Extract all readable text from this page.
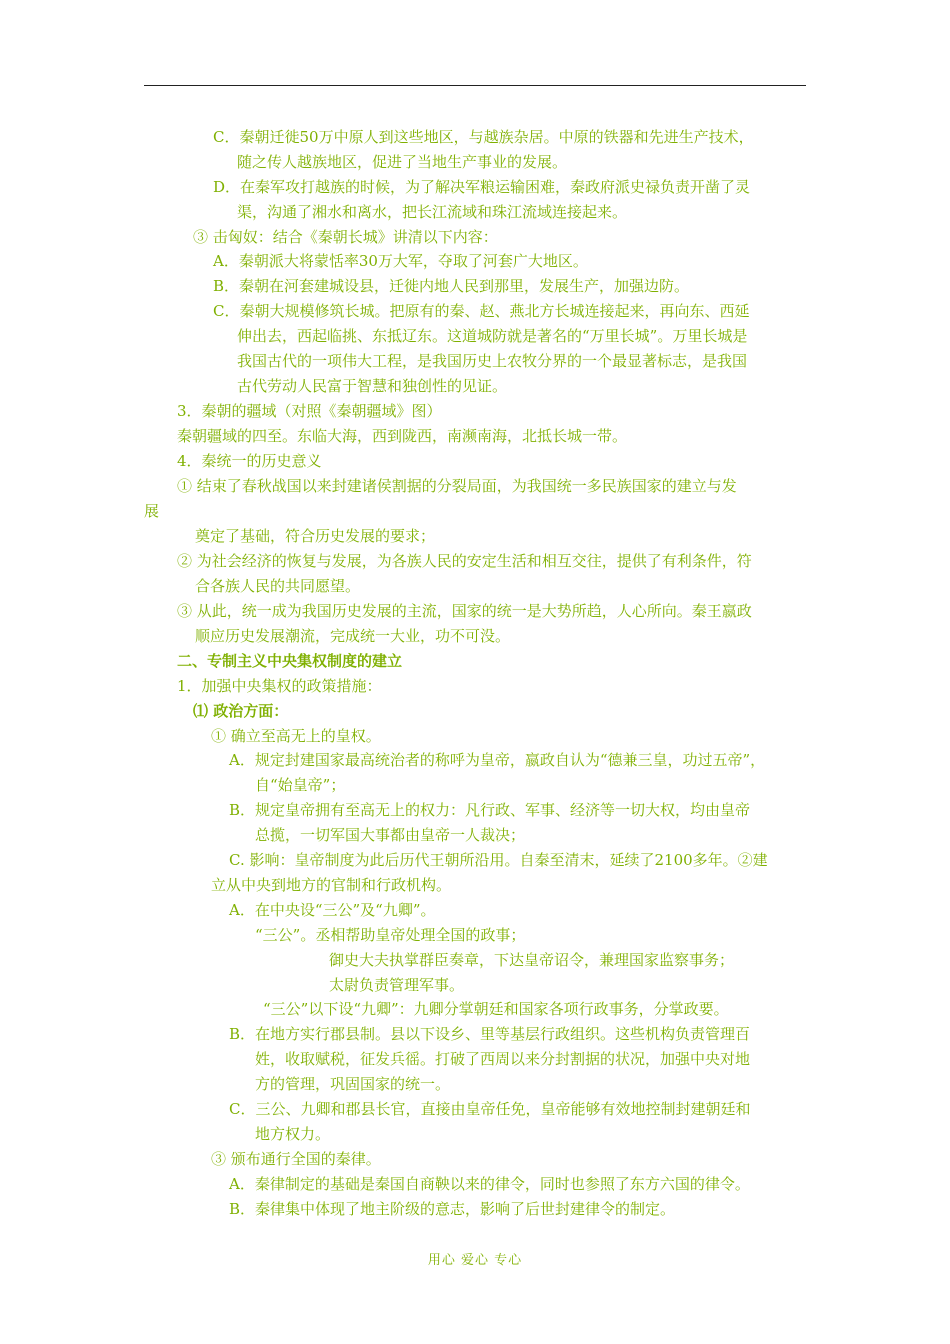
C．秦朝迁徙50万中原人到这些地区，与越族杂居。中原的铁器和先进生产技术，
随之传人越族地区，促进了当地生产事业的发展。
D．在秦军攻打越族的时候，为了解决军粮运输困难，秦政府派史禄负责开凿了灵
渠，沟通了湘水和离水，把长江流域和珠江流域连接起来。
③ 击匈奴：结合《秦朝长城》讲清以下内容：
A．秦朝派大将蒙恬率30万大军，夺取了河套广大地区。
B．秦朝在河套建城设县，迁徙内地人民到那里，发展生产，加强边防。
C．秦朝大规模修筑长城。把原有的秦、赵、燕北方长城连接起来，再向东、西延
伸出去，西起临挑、东抵辽东。这道城防就是著名的“万里长城”。万里长城是
我国古代的一项伟大工程，是我国历史上农牧分界的一个最显著标志，是我国
古代劳动人民富于智慧和独创性的见证。
3．秦朝的疆域（对照《秦朝疆域》图）
秦朝疆域的四至。东临大海，西到陇西，南濒南海，北抵长城一带。
4．秦统一的历史意义
① 结束了春秋战国以来封建诸侯割据的分裂局面，为我国统一多民族国家的建立与发
展
奠定了基础，符合历史发展的要求；
② 为社会经济的恢复与发展，为各族人民的安定生活和相互交往，提供了有利条件，符
合各族人民的共同愿望。
③ 从此，统一成为我国历史发展的主流，国家的统一是大势所趋，人心所向。秦王嬴政
顺应历史发展潮流，完成统一大业，功不可没。
二、专制主义中央集权制度的建立
1．加强中央集权的政策措施：
⑴ 政治方面：
① 确立至高无上的皇权。
A．规定封建国家最高统治者的称呼为皇帝，嬴政自认为“德兼三皇，功过五帝”，
自“始皇帝”；
B．规定皇帝拥有至高无上的权力：凡行政、军事、经济等一切大权，均由皇帝
总揽，一切军国大事都由皇帝一人裁决；
C. 影响：皇帝制度为此后历代王朝所沿用。自秦至清末，延续了2100多年。②建
立从中央到地方的官制和行政机构。
A．在中央设“三公”及“九卿”。
“三公”。丞相帮助皇帝处理全国的政事；
御史大夫执掌群臣奏章，下达皇帝诏令，兼理国家监察事务；
太尉负责管理军事。
“三公”以下设“九卿”：九卿分掌朝廷和国家各项行政事务，分掌政要。
B．在地方实行郡县制。县以下设乡、里等基层行政组织。这些机构负责管理百
姓，收取赋税，征发兵徭。打破了西周以来分封割据的状况，加强中央对地
方的管理，巩固国家的统一。
C．三公、九卿和郡县长官，直接由皇帝任免，皇帝能够有效地控制封建朝廷和
地方权力。
③ 颁布通行全国的秦律。
A．秦律制定的基础是秦国自商鞅以来的律令，同时也参照了东方六国的律令。
B．秦律集中体现了地主阶级的意志，影响了后世封建律令的制定。
用心 爱心 专心
